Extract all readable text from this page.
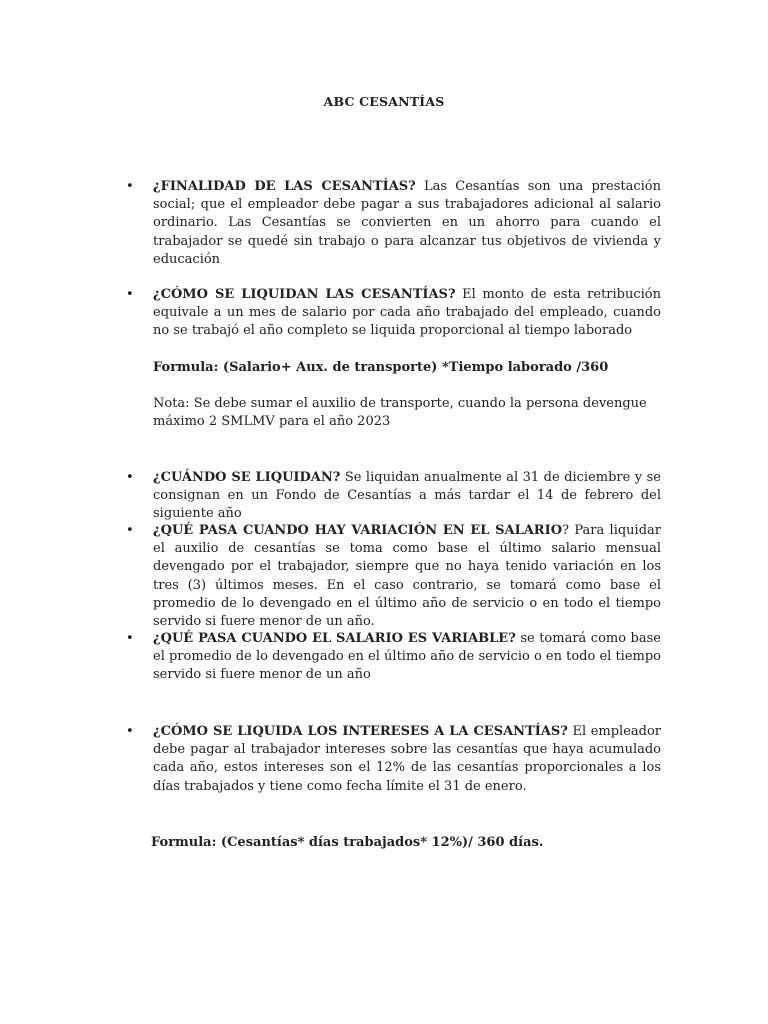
ABC CESANTÍAS
•
¿FINALIDAD DE LAS CESANTÍAS? Las Cesantías son una prestación social; que el empleador debe pagar a sus trabajadores adicional al salario ordinario. Las Cesantías se convierten en un ahorro para cuando el trabajador se quedé sin trabajo o para alcanzar tus objetivos de vivienda y educación
•
¿CÓMO SE LIQUIDAN LAS CESANTÍAS? El monto de esta retribución equivale a un mes de salario por cada año trabajado del empleado, cuando no se trabajó el año completo se liquida proporcional al tiempo laborado
Formula: (Salario+ Aux. de transporte) *Tiempo laborado /360
Nota: Se debe sumar el auxilio de transporte, cuando la persona devengue máximo 2 SMLMV para el año 2023
•
¿CUÁNDO SE LIQUIDAN? Se liquidan anualmente al 31 de diciembre y se consignan en un Fondo de Cesantías a más tardar el 14 de febrero del siguiente año
•
¿QUÉ PASA CUANDO HAY VARIACIÓN EN EL SALARIO? Para liquidar el auxilio de cesantías se toma como base el último salario mensual devengado por el trabajador, siempre que no haya tenido variación en los tres (3) últimos meses. En el caso contrario, se tomará como base el promedio de lo devengado en el último año de servicio o en todo el tiempo servido si fuere menor de un año.
•
¿QUÉ PASA CUANDO EL SALARIO ES VARIABLE? se tomará como base el promedio de lo devengado en el último año de servicio o en todo el tiempo servido si fuere menor de un año
•
¿CÓMO SE LIQUIDA LOS INTERESES A LA CESANTÍAS? El empleador debe pagar al trabajador intereses sobre las cesantías que haya acumulado cada año, estos intereses son el 12% de las cesantías proporcionales a los días trabajados y tiene como fecha límite el 31 de enero.
Formula: (Cesantías* días trabajados* 12%)/ 360 días.
